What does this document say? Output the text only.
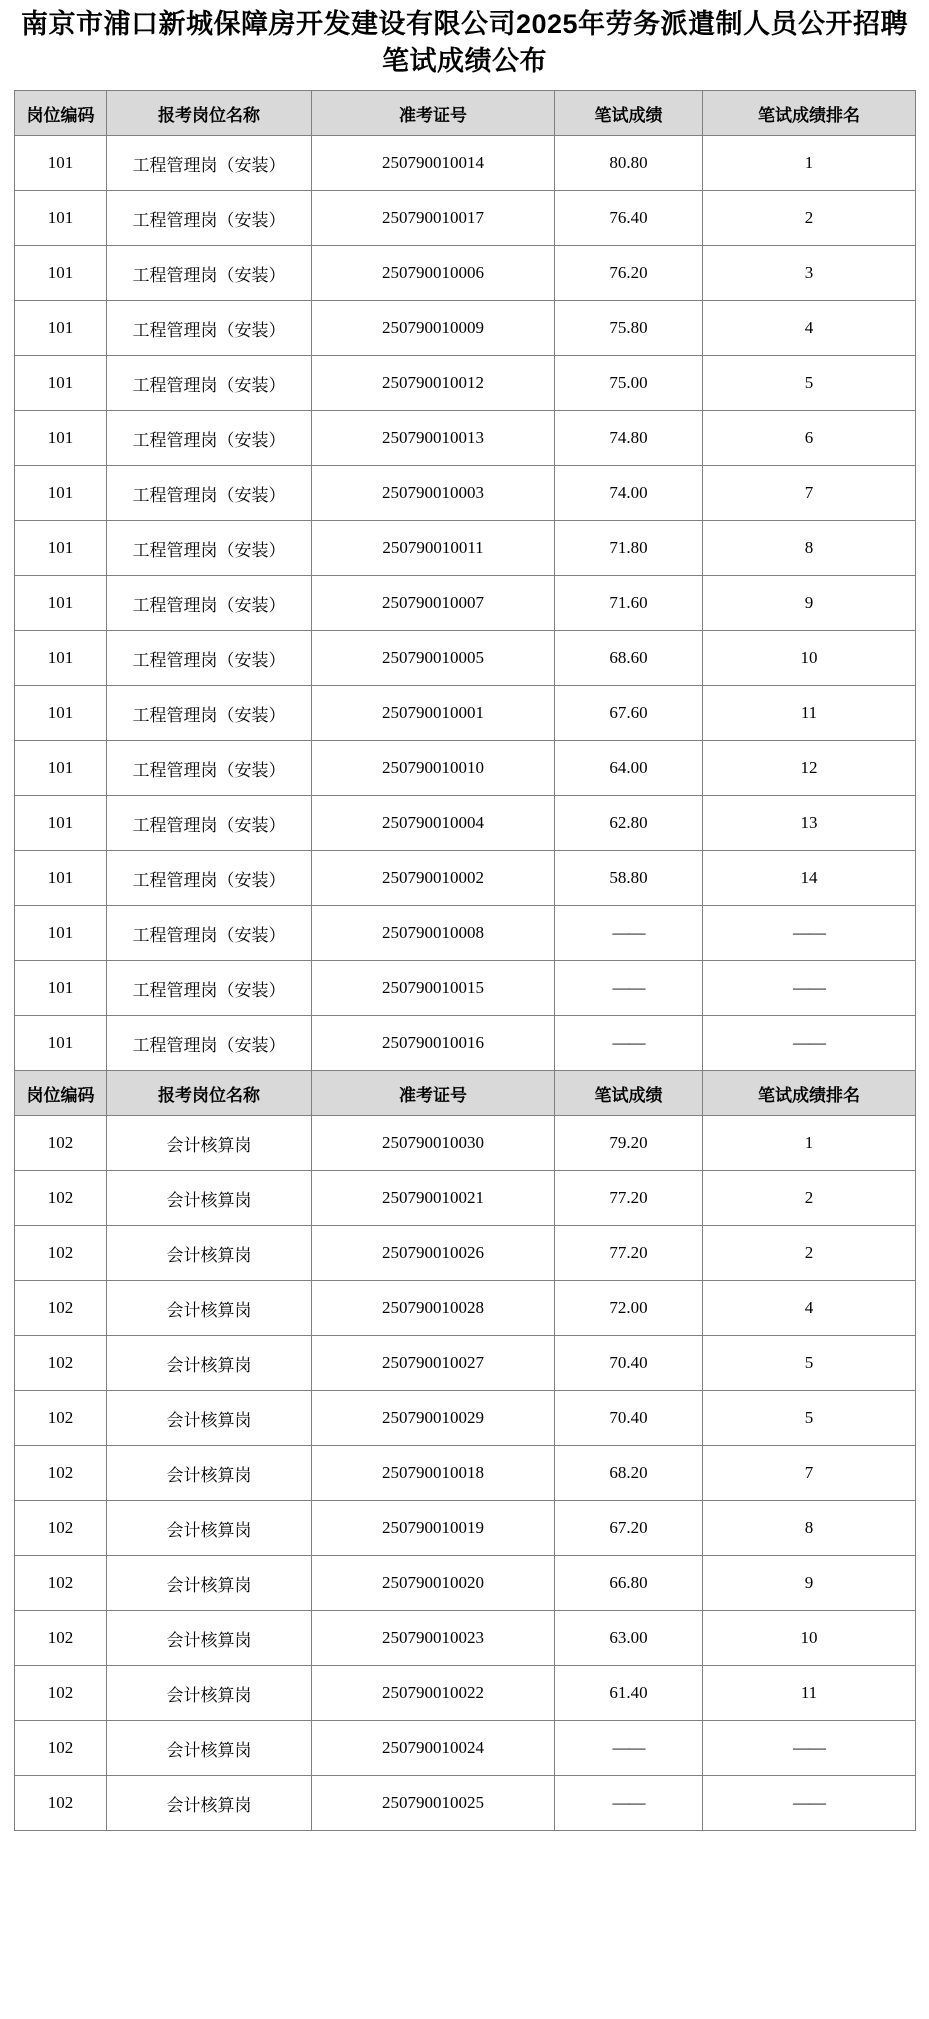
南京市浦口新城保障房开发建设有限公司2025年劳务派遣制人员公开招聘笔试成绩公布
岗位编码	报考岗位名称	准考证号	笔试成绩	笔试成绩排名
101	工程管理岗（安装）	250790010014	80.80	1
101	工程管理岗（安装）	250790010017	76.40	2
101	工程管理岗（安装）	250790010006	76.20	3
101	工程管理岗（安装）	250790010009	75.80	4
101	工程管理岗（安装）	250790010012	75.00	5
101	工程管理岗（安装）	250790010013	74.80	6
101	工程管理岗（安装）	250790010003	74.00	7
101	工程管理岗（安装）	250790010011	71.80	8
101	工程管理岗（安装）	250790010007	71.60	9
101	工程管理岗（安装）	250790010005	68.60	10
101	工程管理岗（安装）	250790010001	67.60	11
101	工程管理岗（安装）	250790010010	64.00	12
101	工程管理岗（安装）	250790010004	62.80	13
101	工程管理岗（安装）	250790010002	58.80	14
101	工程管理岗（安装）	250790010008	——	——
101	工程管理岗（安装）	250790010015	——	——
101	工程管理岗（安装）	250790010016	——	——
岗位编码	报考岗位名称	准考证号	笔试成绩	笔试成绩排名
102	会计核算岗	250790010030	79.20	1
102	会计核算岗	250790010021	77.20	2
102	会计核算岗	250790010026	77.20	2
102	会计核算岗	250790010028	72.00	4
102	会计核算岗	250790010027	70.40	5
102	会计核算岗	250790010029	70.40	5
102	会计核算岗	250790010018	68.20	7
102	会计核算岗	250790010019	67.20	8
102	会计核算岗	250790010020	66.80	9
102	会计核算岗	250790010023	63.00	10
102	会计核算岗	250790010022	61.40	11
102	会计核算岗	250790010024	——	——
102	会计核算岗	250790010025	——	——
